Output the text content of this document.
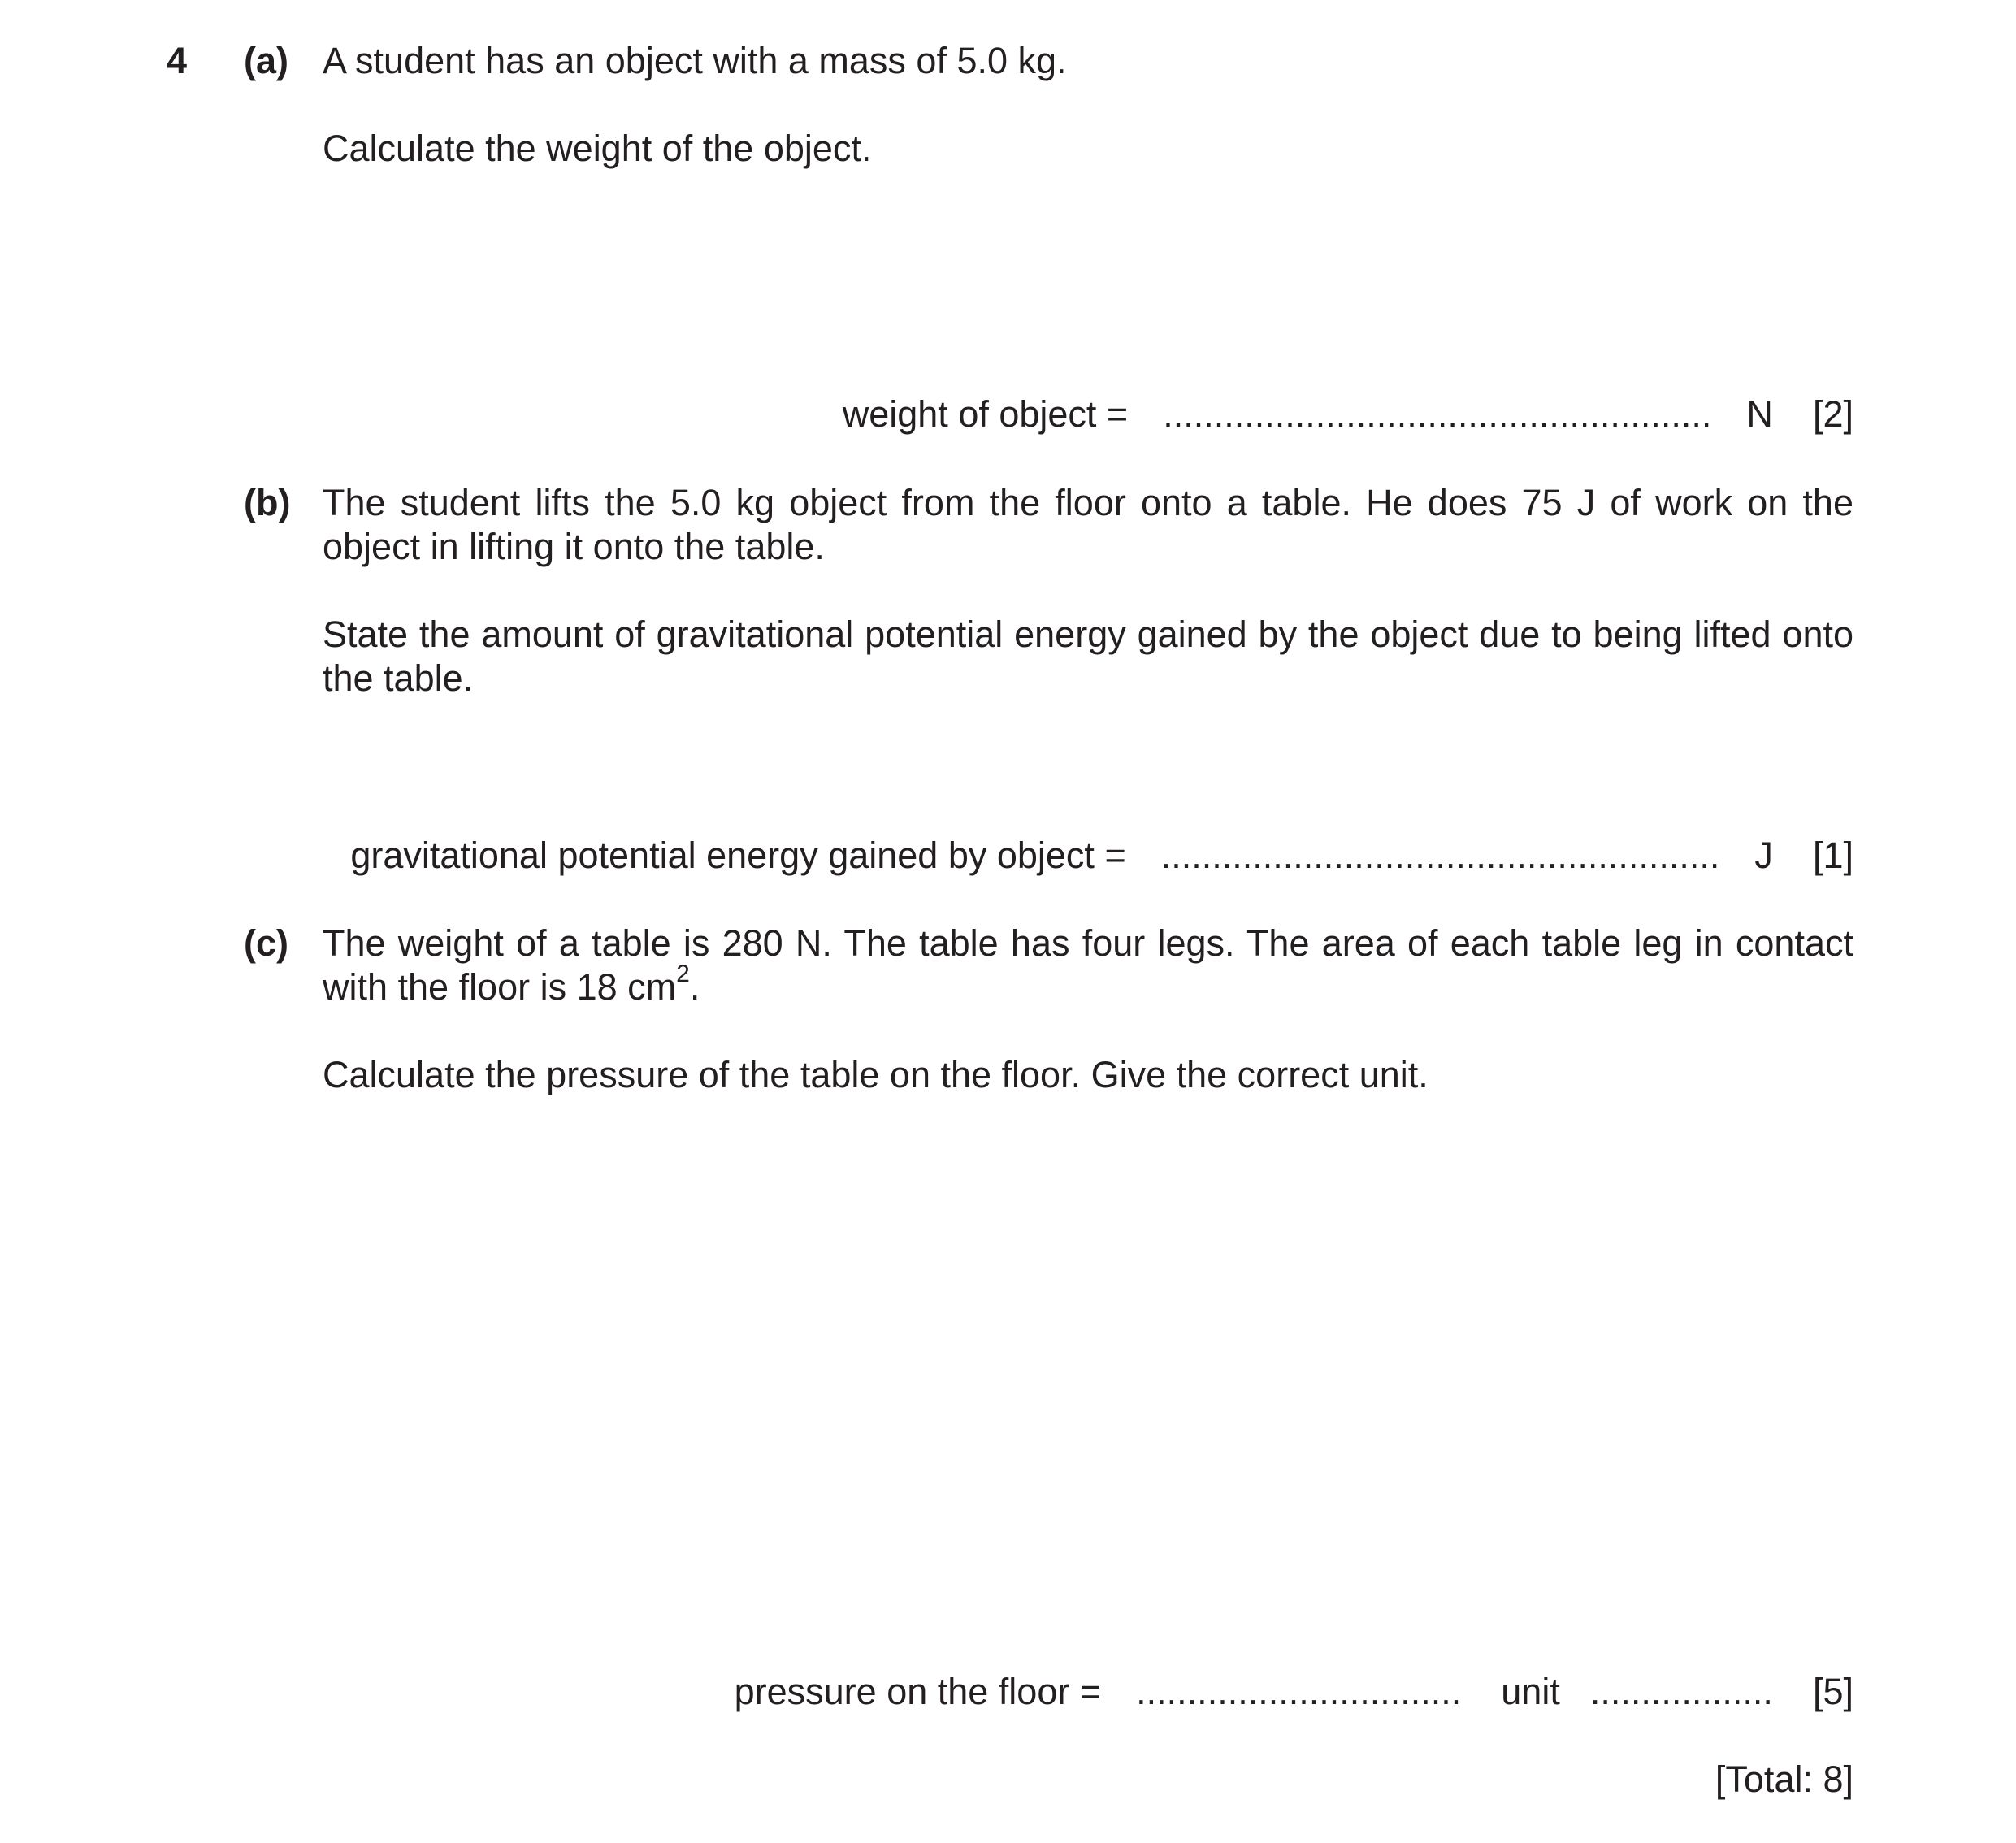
4 (a) A student has an object with a mass of 5.0 kg.
Calculate the weight of the object.
weight of object = ...................................................... N [2]
(b) The student lifts the 5.0 kg object from the floor onto a table. He does 75 J of work on the object in lifting it onto the table.
State the amount of gravitational potential energy gained by the object due to being lifted onto the table.
gravitational potential energy gained by object = ....................................................... J [1]
(c) The weight of a table is 280 N. The table has four legs. The area of each table leg in contact with the floor is 18 $cm^2$.
Calculate the pressure of the table on the floor. Give the correct unit.
pressure on the floor = ................................ unit .................. [5]
[Total: 8]
